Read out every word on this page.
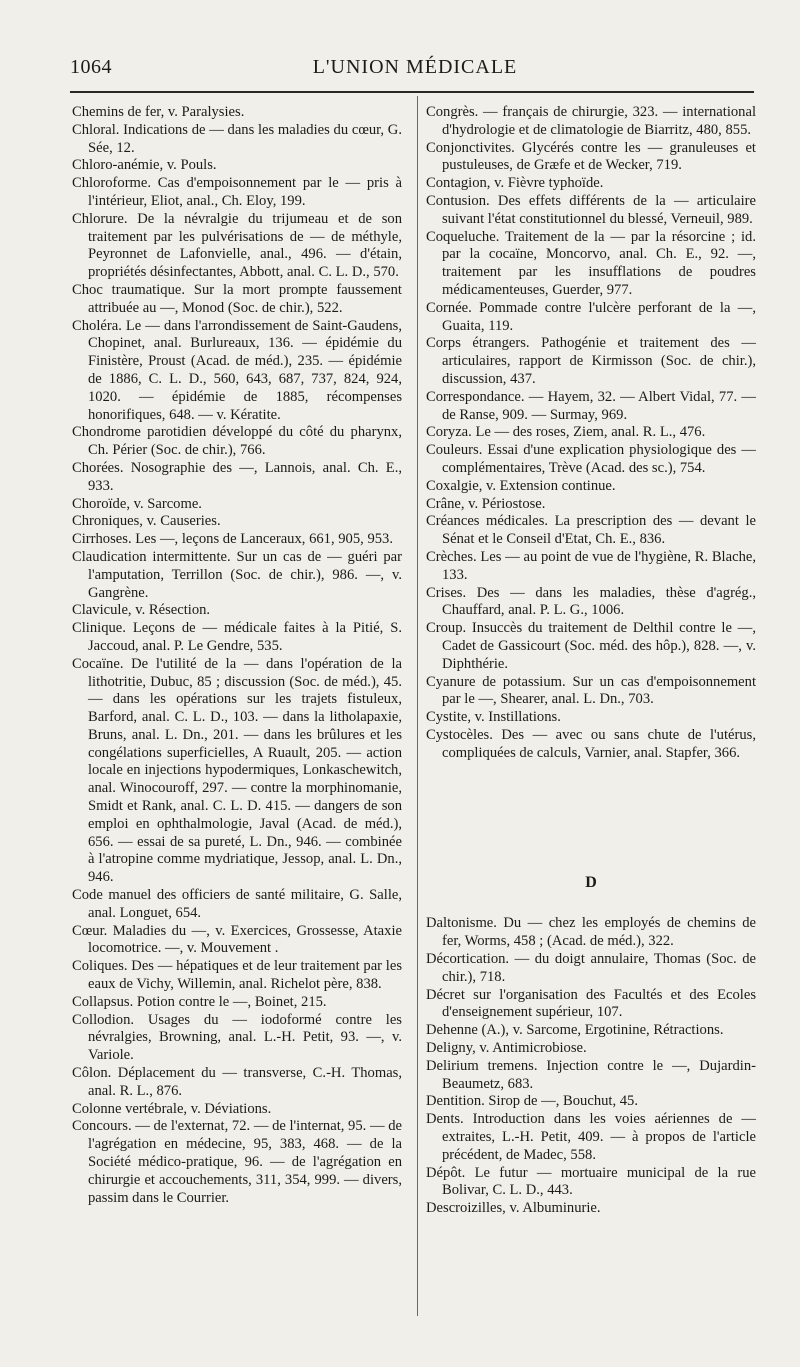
1064	L'UNION MÉDICALE
Chemins de fer, v. Paralysies.
Chloral. Indications de — dans les maladies du cœur, G. Sée, 12.
Chloro-anémie, v. Pouls.
Chloroforme. Cas d'empoisonnement par le — pris à l'intérieur, Eliot, anal., Ch. Eloy, 199.
Chlorure. De la névralgie du trijumeau et de son traitement par les pulvérisations de — de méthyle, Peyronnet de Lafonvielle, anal., 496. — d'étain, propriétés désinfectantes, Abbott, anal. C. L. D., 570.
Choc traumatique. Sur la mort prompte faussement attribuée au —, Monod (Soc. de chir.), 522.
Choléra. Le — dans l'arrondissement de Saint-Gaudens, Chopinet, anal. Burlureaux, 136. — épidémie du Finistère, Proust (Acad. de méd.), 235. — épidémie de 1886, C. L. D., 560, 643, 687, 737, 824, 924, 1020. — épidémie de 1885, récompenses honorifiques, 648. — v. Kératite.
Chondrome parotidien développé du côté du pharynx, Ch. Périer (Soc. de chir.), 766.
Chorées. Nosographie des —, Lannois, anal. Ch. E., 933.
Choroïde, v. Sarcome.
Chroniques, v. Causeries.
Cirrhoses. Les —, leçons de Lanceraux, 661, 905, 953.
Claudication intermittente. Sur un cas de — guéri par l'amputation, Terrillon (Soc. de chir.), 986. —, v. Gangrène.
Clavicule, v. Résection.
Clinique. Leçons de — médicale faites à la Pitié, S. Jaccoud, anal. P. Le Gendre, 535.
Cocaïne. De l'utilité de la — dans l'opération de la lithotritie, Dubuc, 85 ; discussion (Soc. de méd.), 45. — dans les opérations sur les trajets fistuleux, Barford, anal. C. L. D., 103. — dans la litholapaxie, Bruns, anal. L. Dn., 201. — dans les brûlures et les congélations superficielles, A Ruault, 205. — action locale en injections hypodermiques, Lonkaschewitch, anal. Winocouroff, 297. — contre la morphinomanie, Smidt et Rank, anal. C. L. D. 415. — dangers de son emploi en ophthalmologie, Javal (Acad. de méd.), 656. — essai de sa pureté, L. Dn., 946. — combinée à l'atropine comme mydriatique, Jessop, anal. L. Dn., 946.
Code manuel des officiers de santé militaire, G. Salle, anal. Longuet, 654.
Cœur. Maladies du —, v. Exercices, Grossesse, Ataxie locomotrice. —, v. Mouvement .
Coliques. Des — hépatiques et de leur traitement par les eaux de Vichy, Willemin, anal. Richelot père, 838.
Collapsus. Potion contre le —, Boinet, 215.
Collodion. Usages du — iodoformé contre les névralgies, Browning, anal. L.-H. Petit, 93. —, v. Variole.
Côlon. Déplacement du — transverse, C.-H. Thomas, anal. R. L., 876.
Colonne vertébrale, v. Déviations.
Concours. — de l'externat, 72. — de l'internat, 95. — de l'agrégation en médecine, 95, 383, 468. — de la Société médico-pratique, 96. — de l'agrégation en chirurgie et accouchements, 311, 354, 999. — divers, passim dans le Courrier.
Congrès. — français de chirurgie, 323. — international d'hydrologie et de climatologie de Biarritz, 480, 855.
Conjonctivites. Glycérés contre les — granuleuses et pustuleuses, de Græfe et de Wecker, 719.
Contagion, v. Fièvre typhoïde.
Contusion. Des effets différents de la — articulaire suivant l'état constitutionnel du blessé, Verneuil, 989.
Coqueluche. Traitement de la — par la résorcine ; id. par la cocaïne, Moncorvo, anal. Ch. E., 92. —, traitement par les insufflations de poudres médicamenteuses, Guerder, 977.
Cornée. Pommade contre l'ulcère perforant de la —, Guaita, 119.
Corps étrangers. Pathogénie et traitement des — articulaires, rapport de Kirmisson (Soc. de chir.), discussion, 437.
Correspondance. — Hayem, 32. — Albert Vidal, 77. — de Ranse, 909. — Surmay, 969.
Coryza. Le — des roses, Ziem, anal. R. L., 476.
Couleurs. Essai d'une explication physiologique des — complémentaires, Trève (Acad. des sc.), 754.
Coxalgie, v. Extension continue.
Crâne, v. Périostose.
Créances médicales. La prescription des — devant le Sénat et le Conseil d'Etat, Ch. E., 836.
Crèches. Les — au point de vue de l'hygiène, R. Blache, 133.
Crises. Des — dans les maladies, thèse d'agrég., Chauffard, anal. P. L. G., 1006.
Croup. Insuccès du traitement de Delthil contre le —, Cadet de Gassicourt (Soc. méd. des hôp.), 828. —, v. Diphthérie.
Cyanure de potassium. Sur un cas d'empoisonnement par le —, Shearer, anal. L. Dn., 703.
Cystite, v. Instillations.
Cystocèles. Des — avec ou sans chute de l'utérus, compliquées de calculs, Varnier, anal. Stapfer, 366.
D
Daltonisme. Du — chez les employés de chemins de fer, Worms, 458 ; (Acad. de méd.), 322.
Décortication. — du doigt annulaire, Thomas (Soc. de chir.), 718.
Décret sur l'organisation des Facultés et des Ecoles d'enseignement supérieur, 107.
Dehenne (A.), v. Sarcome, Ergotinine, Rétractions.
Deligny, v. Antimicrobiose.
Delirium tremens. Injection contre le —, Dujardin-Beaumetz, 683.
Dentition. Sirop de —, Bouchut, 45.
Dents. Introduction dans les voies aériennes de — extraites, L.-H. Petit, 409. — à propos de l'article précédent, de Madec, 558.
Dépôt. Le futur — mortuaire municipal de la rue Bolivar, C. L. D., 443.
Descroizilles, v. Albuminurie.
